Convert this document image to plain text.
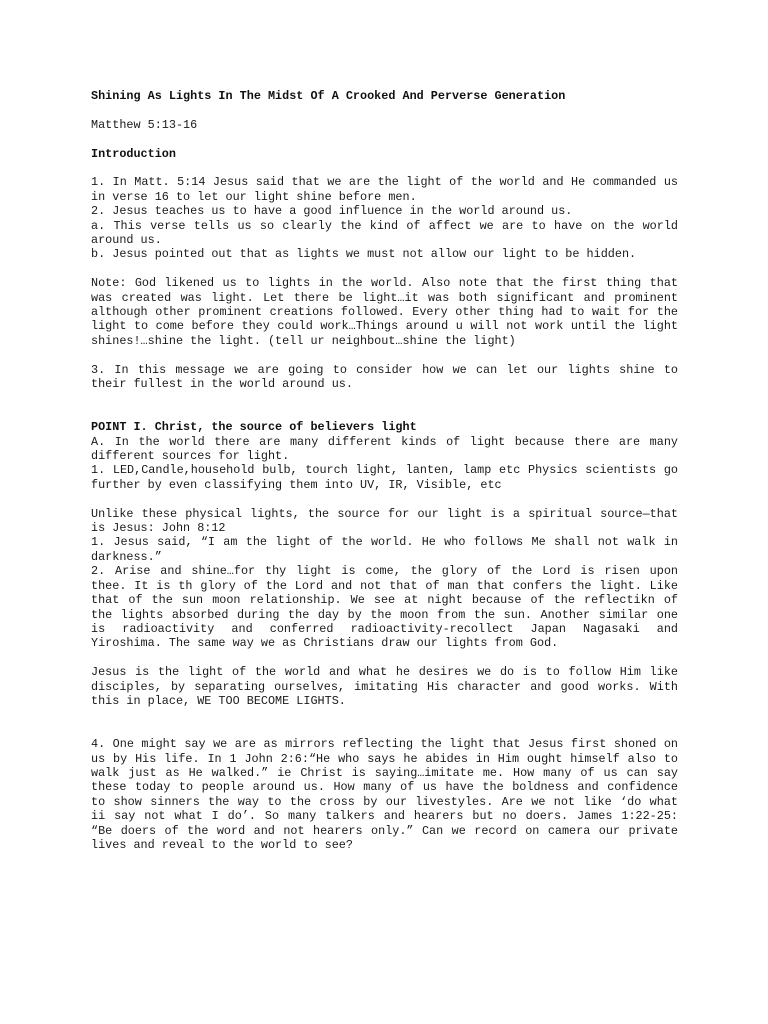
Shining As Lights In The Midst Of A Crooked And Perverse Generation

Matthew 5:13-16

Introduction

1. In Matt. 5:14 Jesus said that we are the light of the world and He commanded us in verse 16 to let our light shine before men.

2. Jesus teaches us to have a good influence in the world around us.

a. This verse tells us so clearly the kind of affect we are to have on the world around us.

b. Jesus pointed out that as lights we must not allow our light to be hidden.

Note: God likened us to lights in the world. Also note that the first thing that was created was light. Let there be light…it was both significant and prominent although other prominent creations followed. Every other thing had to wait for the light to come before they could work…Things around u will not work until the light shines!…shine the light. (tell ur neighbout…shine the light)

3. In this message we are going to consider how we can let our lights shine to their fullest in the world around us.

POINT I. Christ, the source of believers light

A. In the world there are many different kinds of light because there are many different sources for light.

1. LED,Candle,household bulb, tourch light, lanten, lamp etc Physics scientists go further by even classifying them into UV, IR, Visible, etc

Unlike these physical lights, the source for our light is a spiritual source—that is Jesus: John 8:12

1. Jesus said, “I am the light of the world. He who follows Me shall not walk in darkness.”

2. Arise and shine…for thy light is come, the glory of the Lord is risen upon thee. It is th glory of the Lord and not that of man that confers the light. Like that of the sun moon relationship. We see at night because of the reflectikn of the lights absorbed during the day by the moon from the sun. Another similar one is radioactivity and conferred radioactivity-recollect Japan Nagasaki and Yiroshima. The same way we as Christians draw our lights from God.

Jesus is the light of the world and what he desires we do is to follow Him like disciples, by separating ourselves, imitating His character and good works. With this in place, WE TOO BECOME LIGHTS.

4. One might say we are as mirrors reflecting the light that Jesus first shoned on us by His life. In 1 John 2:6:“He who says he abides in Him ought himself also to walk just as He walked.” ie Christ is saying…imitate me. How many of us can say these today to people around us. How many of us have the boldness and confidence to show sinners the way to the cross by our livestyles. Are we not like ‘do what ii say not what I do’. So many talkers and hearers but no doers. James 1:22-25: “Be doers of the word and not hearers only.” Can we record on camera our private lives and reveal to the world to see?
